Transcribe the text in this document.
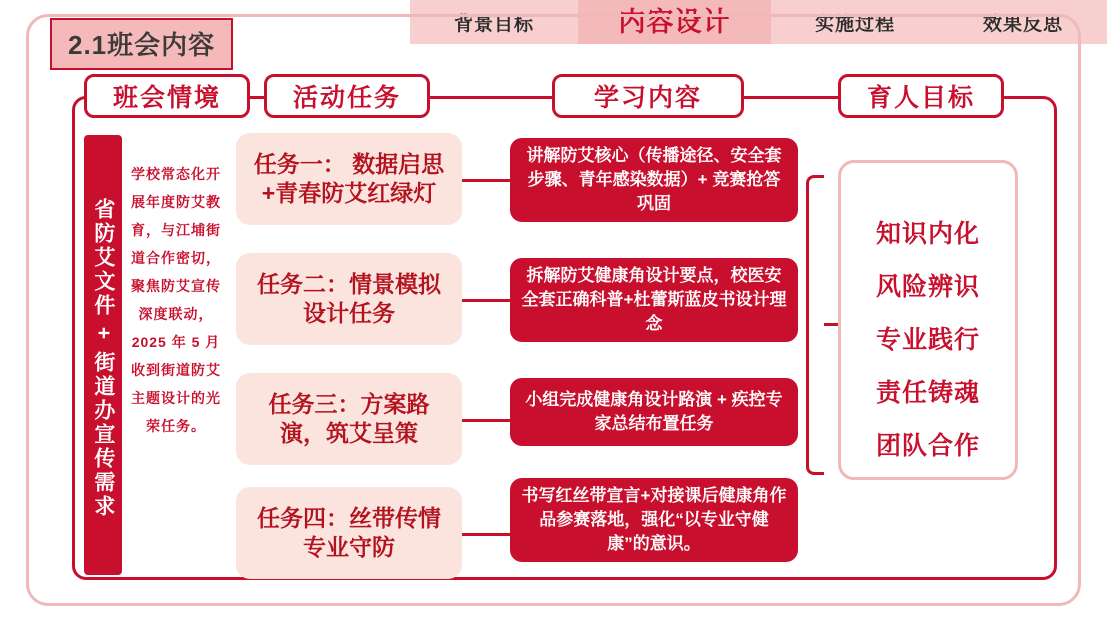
背景目标	内容设计	实施过程	效果反思
2.1班会内容
班会情境	活动任务	学习内容	育人目标
省防艾文件 + 街道办宣传需求
学校常态化开展年度防艾教育，与江埔街道合作密切，聚焦防艾宣传深度联动，2025 年 5 月收到街道防艾主题设计的光荣任务。
任务一： 数据启思+青春防艾红绿灯
任务二：情景模拟设计任务
任务三：方案路演，筑艾呈策
任务四：丝带传情专业守防
讲解防艾核心（传播途径、安全套步骤、青年感染数据）+ 竞赛抢答巩固
拆解防艾健康角设计要点，校医安全套正确科普+杜蕾斯蓝皮书设计理念
小组完成健康角设计路演 + 疾控专家总结布置任务
书写红丝带宣言+对接课后健康角作品参赛落地，强化“以专业守健康”的意识。
知识内化
风险辨识
专业践行
责任铸魂
团队合作
